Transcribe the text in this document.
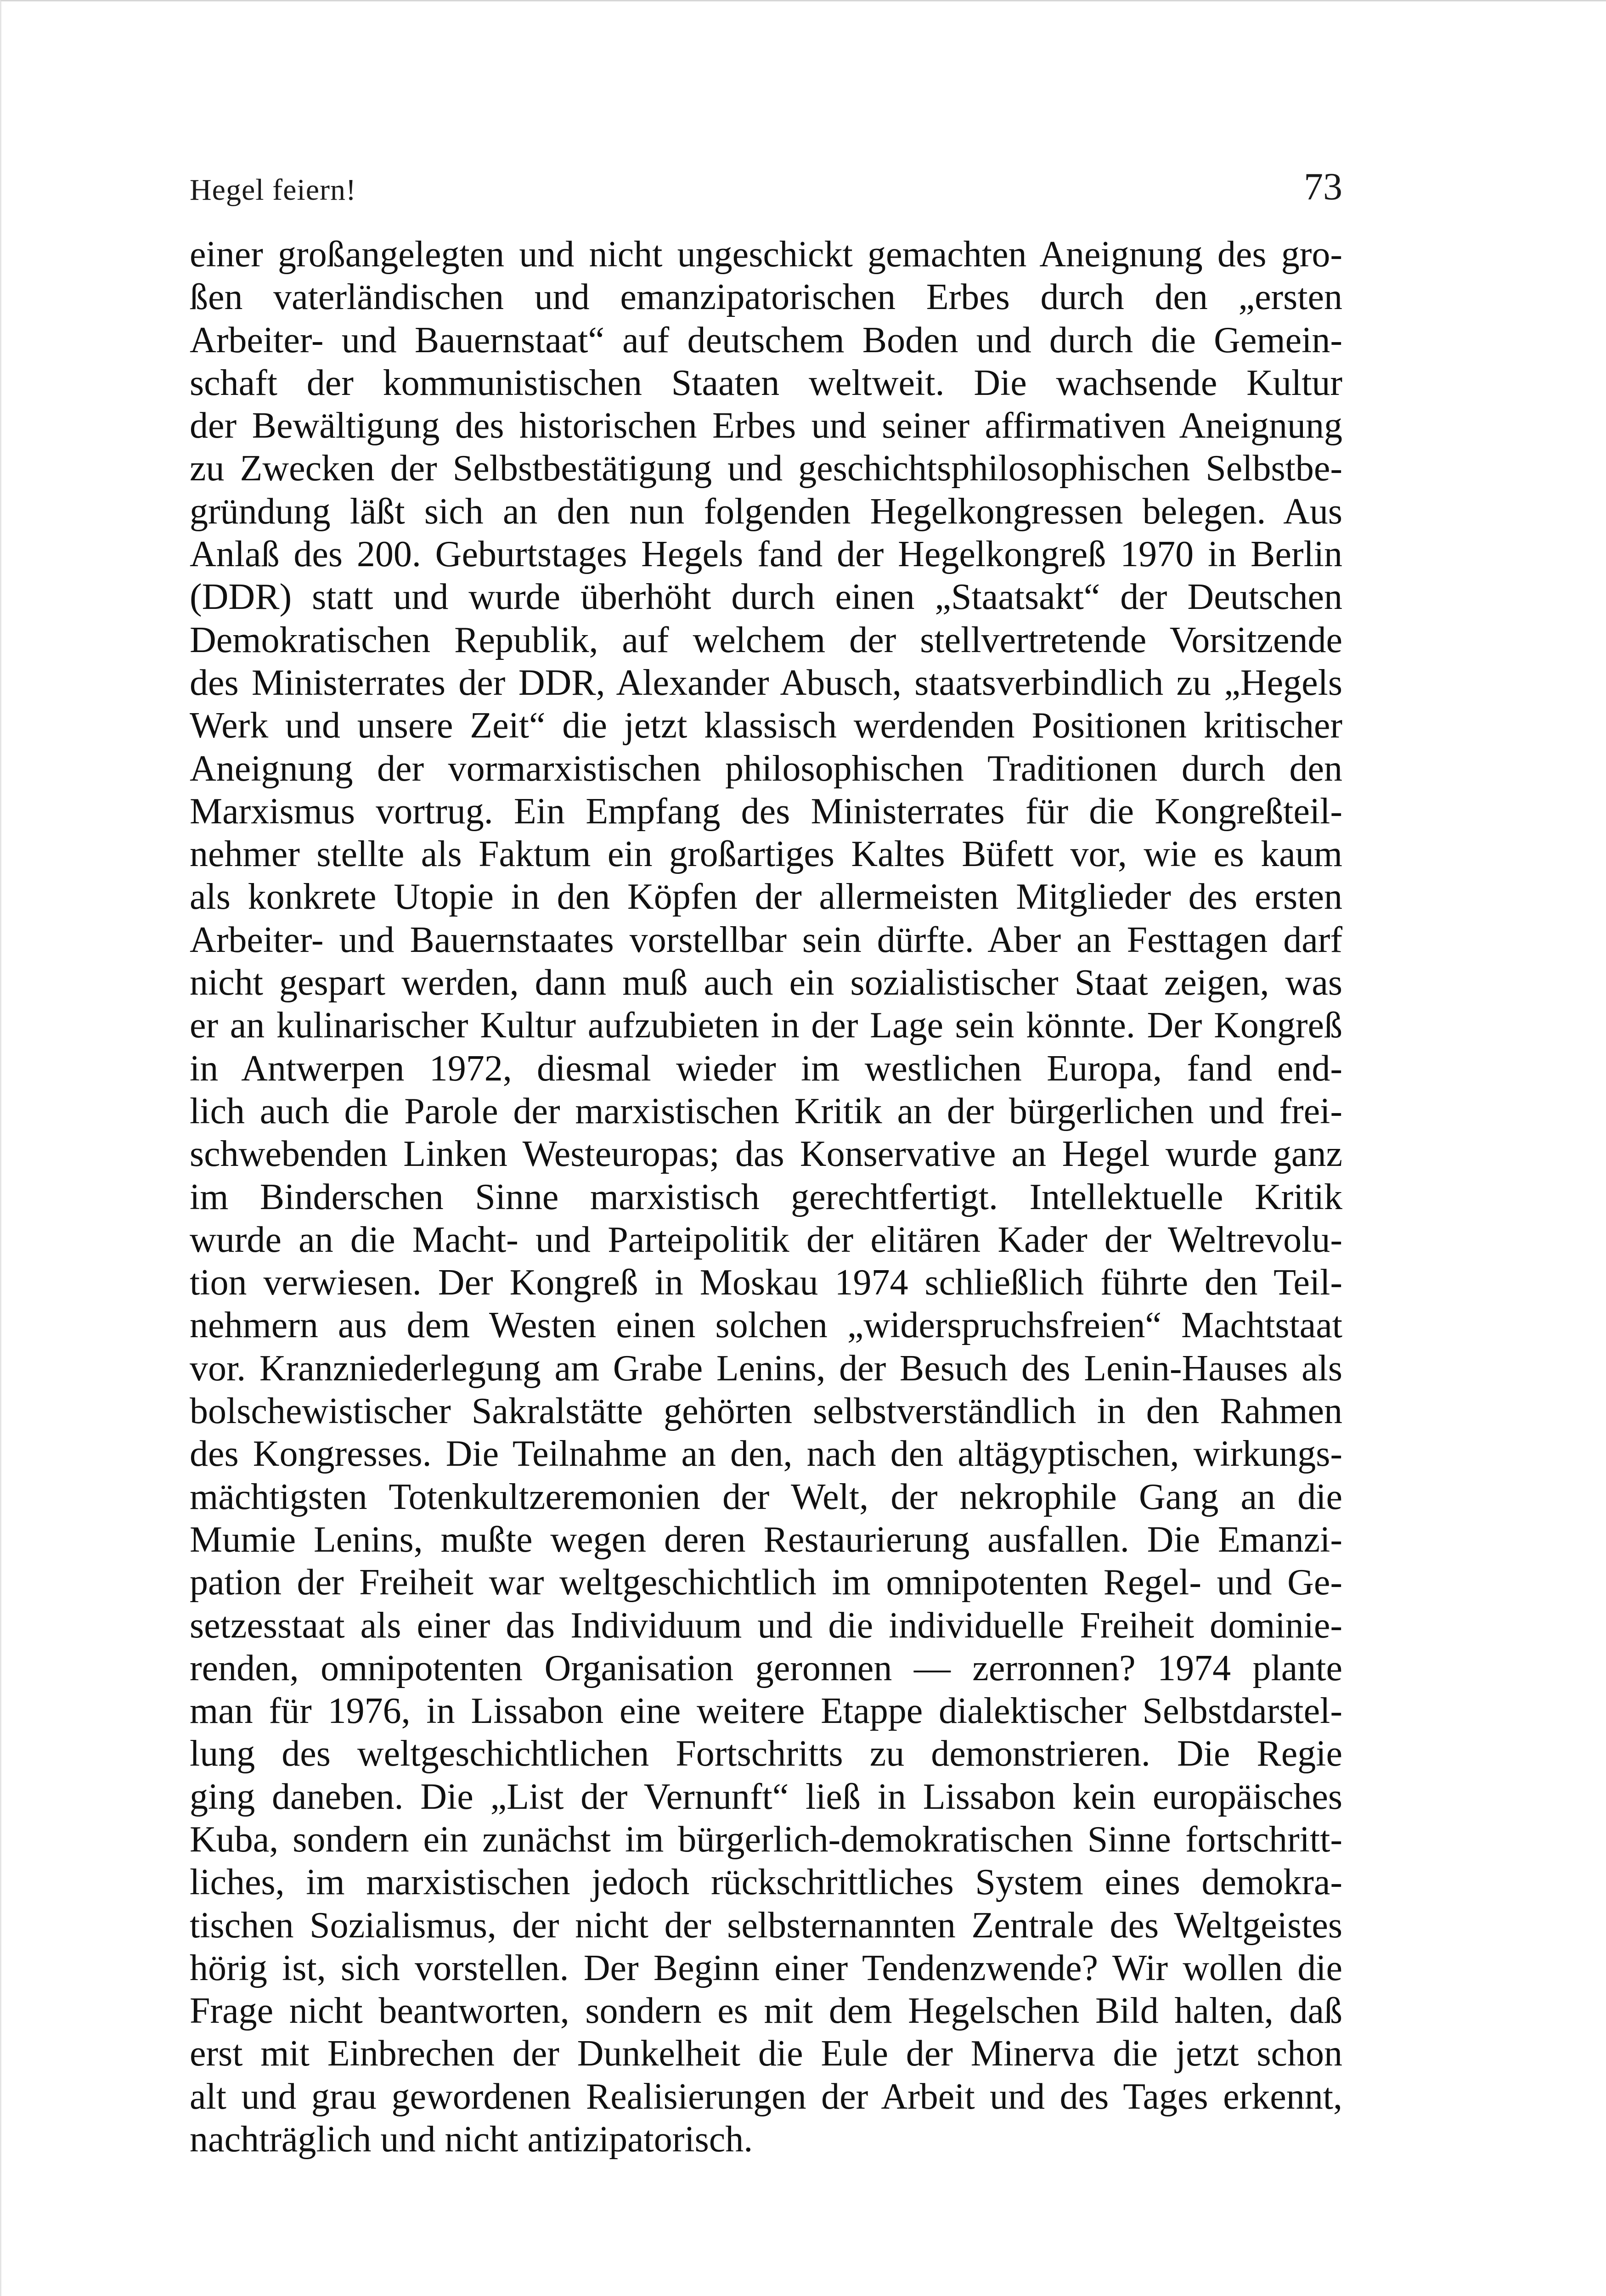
Hegel feiern!	73
einer großangelegten und nicht ungeschickt gemachten Aneignung des gro-
ßen vaterländischen und emanzipatorischen Erbes durch den „ersten
Arbeiter- und Bauernstaat“ auf deutschem Boden und durch die Gemein-
schaft der kommunistischen Staaten weltweit. Die wachsende Kultur
der Bewältigung des historischen Erbes und seiner affirmativen Aneignung
zu Zwecken der Selbstbestätigung und geschichtsphilosophischen Selbstbe-
gründung läßt sich an den nun folgenden Hegelkongressen belegen. Aus
Anlaß des 200. Geburtstages Hegels fand der Hegelkongreß 1970 in Berlin
(DDR) statt und wurde überhöht durch einen „Staatsakt“ der Deutschen
Demokratischen Republik, auf welchem der stellvertretende Vorsitzende
des Ministerrates der DDR, Alexander Abusch, staatsverbindlich zu „Hegels
Werk und unsere Zeit“ die jetzt klassisch werdenden Positionen kritischer
Aneignung der vormarxistischen philosophischen Traditionen durch den
Marxismus vortrug. Ein Empfang des Ministerrates für die Kongreßteil-
nehmer stellte als Faktum ein großartiges Kaltes Büfett vor, wie es kaum
als konkrete Utopie in den Köpfen der allermeisten Mitglieder des ersten
Arbeiter- und Bauernstaates vorstellbar sein dürfte. Aber an Festtagen darf
nicht gespart werden, dann muß auch ein sozialistischer Staat zeigen, was
er an kulinarischer Kultur aufzubieten in der Lage sein könnte. Der Kongreß
in Antwerpen 1972, diesmal wieder im westlichen Europa, fand end-
lich auch die Parole der marxistischen Kritik an der bürgerlichen und frei-
schwebenden Linken Westeuropas; das Konservative an Hegel wurde ganz
im Binderschen Sinne marxistisch gerechtfertigt. Intellektuelle Kritik
wurde an die Macht- und Parteipolitik der elitären Kader der Weltrevolu-
tion verwiesen. Der Kongreß in Moskau 1974 schließlich führte den Teil-
nehmern aus dem Westen einen solchen „widerspruchsfreien“ Machtstaat
vor. Kranzniederlegung am Grabe Lenins, der Besuch des Lenin-Hauses als
bolschewistischer Sakralstätte gehörten selbstverständlich in den Rahmen
des Kongresses. Die Teilnahme an den, nach den altägyptischen, wirkungs-
mächtigsten Totenkultzeremonien der Welt, der nekrophile Gang an die
Mumie Lenins, mußte wegen deren Restaurierung ausfallen. Die Emanzi-
pation der Freiheit war weltgeschichtlich im omnipotenten Regel- und Ge-
setzesstaat als einer das Individuum und die individuelle Freiheit dominie-
renden, omnipotenten Organisation geronnen — zerronnen? 1974 plante
man für 1976, in Lissabon eine weitere Etappe dialektischer Selbstdarstel-
lung des weltgeschichtlichen Fortschritts zu demonstrieren. Die Regie
ging daneben. Die „List der Vernunft“ ließ in Lissabon kein europäisches
Kuba, sondern ein zunächst im bürgerlich-demokratischen Sinne fortschritt-
liches, im marxistischen jedoch rückschrittliches System eines demokra-
tischen Sozialismus, der nicht der selbsternannten Zentrale des Weltgeistes
hörig ist, sich vorstellen. Der Beginn einer Tendenzwende? Wir wollen die
Frage nicht beantworten, sondern es mit dem Hegelschen Bild halten, daß
erst mit Einbrechen der Dunkelheit die Eule der Minerva die jetzt schon
alt und grau gewordenen Realisierungen der Arbeit und des Tages erkennt,
nachträglich und nicht antizipatorisch.
